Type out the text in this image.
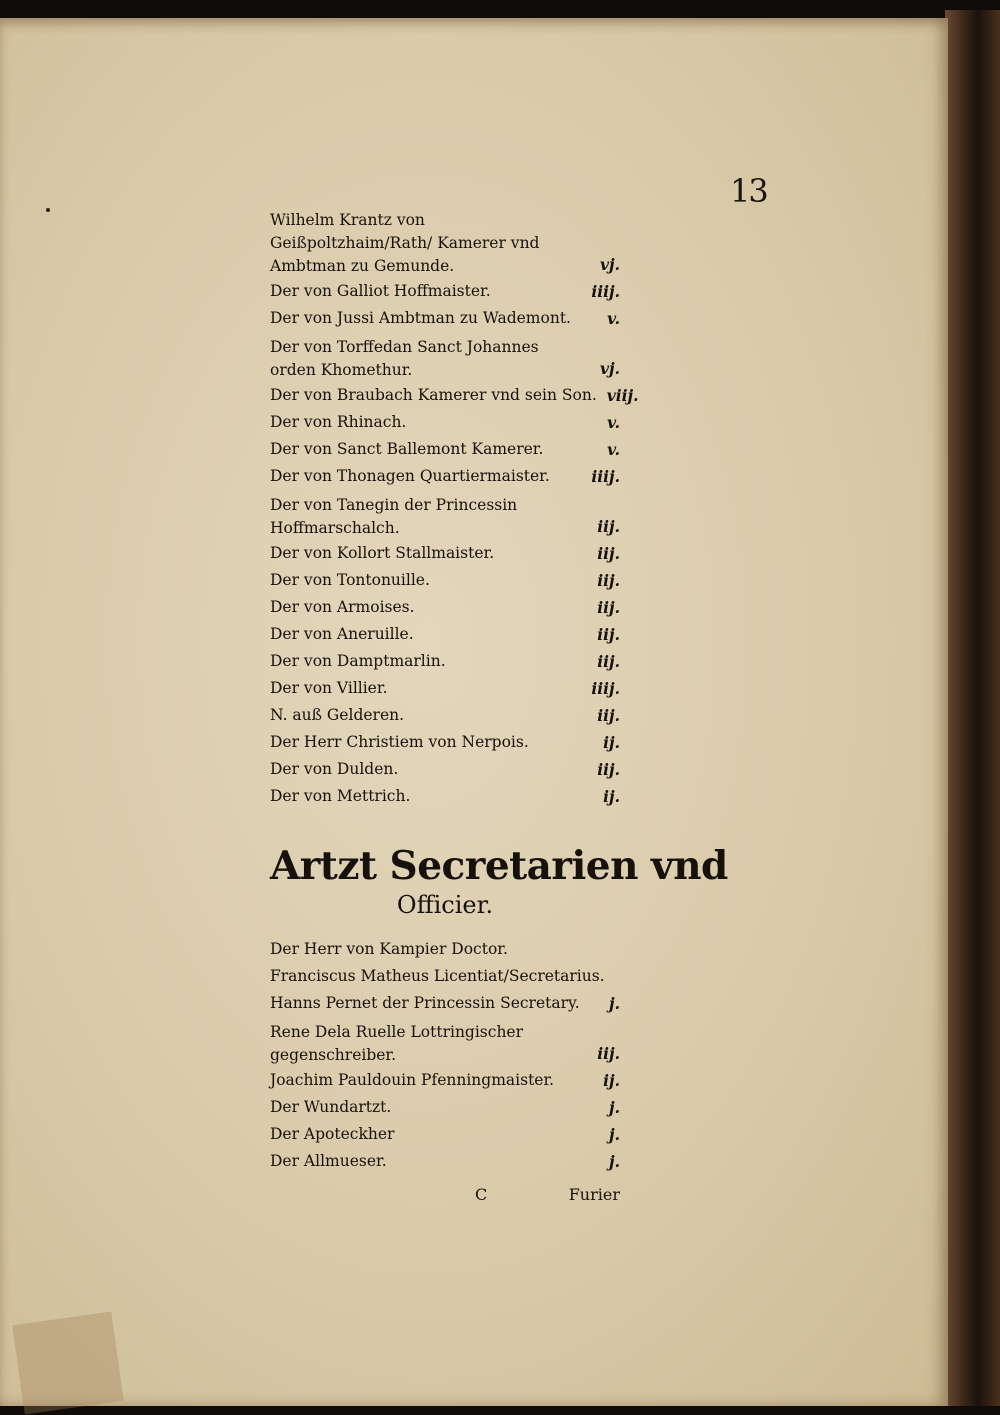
13
Wilhelm Krantz von Geißpoltzhaim/Rath/ Kamerer vnd Ambtman zu Gemunde.	vj.
Der von Galliot Hoffmaister.	iiij.
Der von Jussi Ambtman zu Wademont.	v.
Der von Torffedan Sanct Johannes orden Khomethur.	vj.
Der von Braubach Kamerer vnd sein Son. viij.
Der von Rhinach.	v.
Der von Sanct Ballemont Kamerer.	v.
Der von Thonagen Quartiermaister.	iiij.
Der von Tanegin der Princessin Hoffmarschalch.	iij.
Der von Kollort Stallmaister.	iij.
Der von Tontonuille.	iij.
Der von Armoises.	iij.
Der von Aneruille.	iij.
Der von Damptmarlin.	iij.
Der von Villier.	iiij.
N. auß Gelderen.	iij.
Der Herr Christiem von Nerpois.	ij.
Der von Dulden.	iij.
Der von Mettrich.	ij.
Artzt Secretarien vnd
Officier.
Der Herr von Kampier Doctor.
Franciscus Matheus Licentiat/Secretarius.
Hanns Pernet der Princessin Secretary.	j.
Rene Dela Ruelle Lottringischer gegenschreiber.	iij.
Joachim Pauldouin Pfenningmaister.	ij.
Der Wundartzt.	j.
Der Apoteckher	j.
Der Allmueser.	j.
C	Furier
